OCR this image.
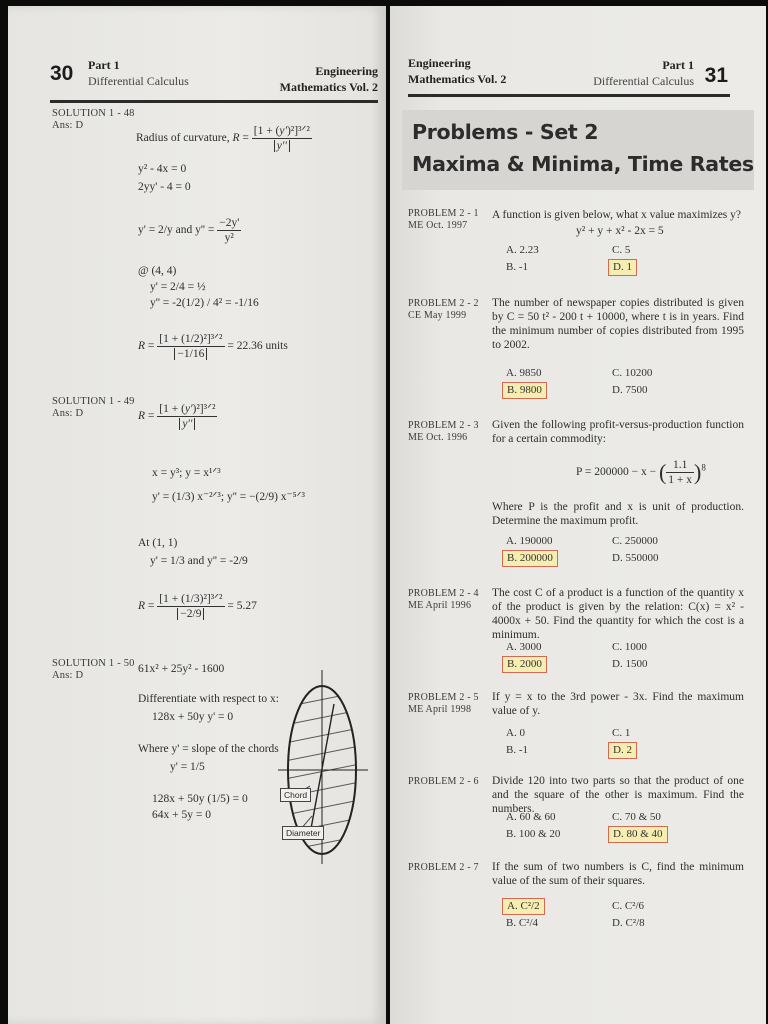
30 Part 1
Differential Calculus
Engineering
Mathematics Vol. 2
SOLUTION 1 - 48
Ans: D
Radius of curvature, $R = \frac{\text{[1 + (y')²]³ᐟ²}}{y''}$
y² - 4x = 0
2yy' - 4 = 0
y' = 2/y and $y'' = \frac{-2y'}{\text{y²}}$
@ (4, 4)
y' = 2/4 = ½
y'' = -2(1/2) / 4² = -1/16
$R = \frac{\text{[1 + (1/2)²]³ᐟ²}}{-1/16} = 22.36$ units
SOLUTION 1 - 49
Ans: D	$R = \frac{\text{[1 + (y')²]³ᐟ²}}{y''}$
x = y³; y = x¹ᐟ³
y' = (1/3) x⁻²ᐟ³; y'' = −(2/9) x⁻⁵ᐟ³
At (1, 1)
y' = 1/3 and y'' = -2/9
$R = \frac{\text{[1 + (1/3)²]³ᐟ²}}{-2/9} = 5.27$
SOLUTION 1 - 50
Ans: D
61x² + 25y² - 1600
Differentiate with respect to x:
128x + 50y y' = 0
Where y' = slope of the chords
y' = 1/5
128x + 50y (1/5) = 0
64x + 5y = 0
Chord
Diameter
Engineering
Mathematics Vol. 2
Part 1
Differential Calculus 31
Problems - Set 2
Maxima & Minima, Time Rates
PROBLEM 2 - 1
ME Oct. 1997
A function is given below, what x value maximizes y?
y² + y + x² - 2x = 5
A. 2.23	C. 5
B. -1	D. 1
PROBLEM 2 - 2
CE May 1999
The number of newspaper copies distributed is given by C = 50 t² - 200 t + 10000, where t is in years. Find the minimum number of copies distributed from 1995 to 2002.
A. 9850	C. 10200
B. 9800	D. 7500
PROBLEM 2 - 3
ME Oct. 1996
Given the following profit-versus-production function for a certain commodity:
P = 200000 − x − ( $\frac{1.1}{1 + x} )^8$
Where P is the profit and x is unit of production. Determine the maximum profit.
A. 190000	C. 250000
B. 200000	D. 550000
PROBLEM 2 - 4
ME April 1996
The cost C of a product is a function of the quantity x of the product is given by the relation: C(x) = x² - 4000x + 50. Find the quantity for which the cost is a minimum.
A. 3000	C. 1000
B. 2000	D. 1500
PROBLEM 2 - 5
ME April 1998
If y = x to the 3rd power - 3x. Find the maximum value of y.
A. 0	C. 1
B. -1	D. 2
PROBLEM 2 - 6 Divide 120 into two parts so that the product of one and the square of the other is maximum. Find the numbers.
A. 60 & 60	C. 70 & 50
B. 100 & 20	D. 80 & 40
PROBLEM 2 - 7 If the sum of two numbers is C, find the minimum value of the sum of their squares.
A. C²/2	C. C²/6
B. C²/4	D. C²/8
